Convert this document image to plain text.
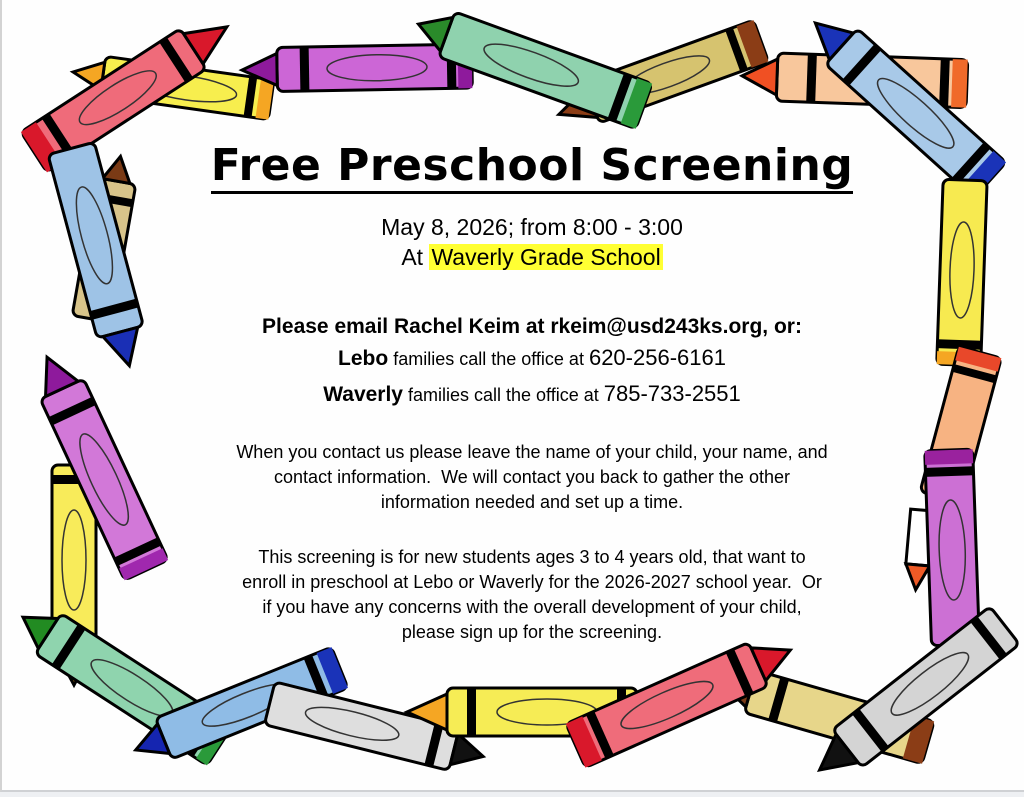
Free Preschool Screening
May 8, 2026; from 8:00 - 3:00
At Waverly Grade School
Please email Rachel Keim at rkeim@usd243ks.org, or:
Lebo families call the office at 620-256-6161
Waverly families call the office at 785-733-2551
When you contact us please leave the name of your child, your name, and
contact information.  We will contact you back to gather the other
information needed and set up a time.
This screening is for new students ages 3 to 4 years old, that want to
enroll in preschool at Lebo or Waverly for the 2026-2027 school year.  Or
if you have any concerns with the overall development of your child,
please sign up for the screening.
